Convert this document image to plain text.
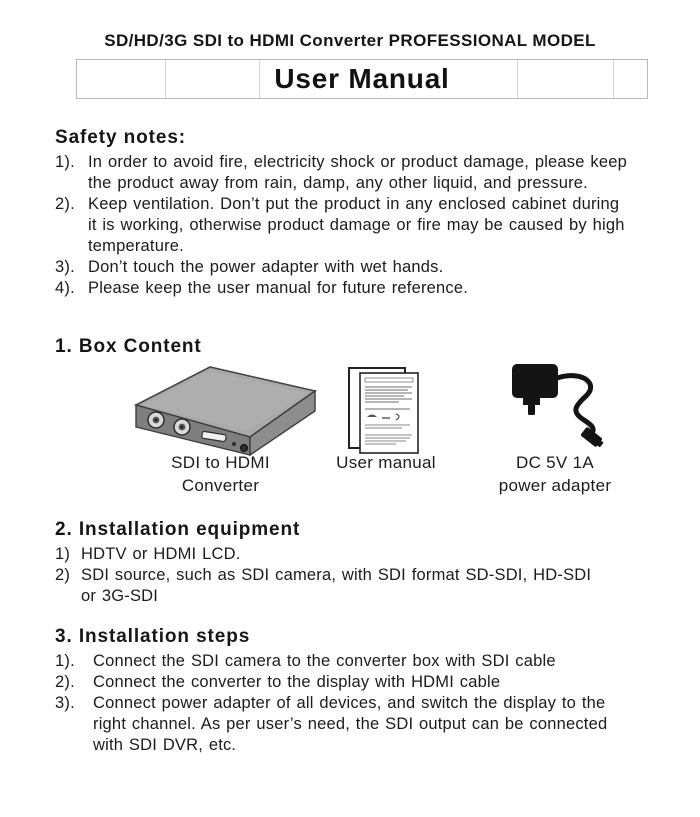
SD/HD/3G SDI to HDMI Converter PROFESSIONAL MODEL
User Manual
Safety notes:
1). In order to avoid fire, electricity shock or product damage, please keep the product away from rain, damp, any other liquid, and pressure.
2). Keep ventilation. Don’t put the product in any enclosed cabinet during it is working, otherwise product damage or fire may be caused by high temperature.
3). Don’t touch the power adapter with wet hands.
4). Please keep the user manual for future reference.
1. Box Content
SDI to HDMI
Converter
User manual	DC 5V 1A
power adapter
2. Installation equipment
1) HDTV or HDMI LCD.
2) SDI source, such as SDI camera, with SDI format SD-SDI, HD-SDI or 3G-SDI
3. Installation steps
1).	Connect the SDI camera to the converter box with SDI cable
2).	Connect the converter to the display with HDMI cable
3).	Connect power adapter of all devices, and switch the display to the right channel. As per user’s need, the SDI output can be connected with SDI DVR, etc.
